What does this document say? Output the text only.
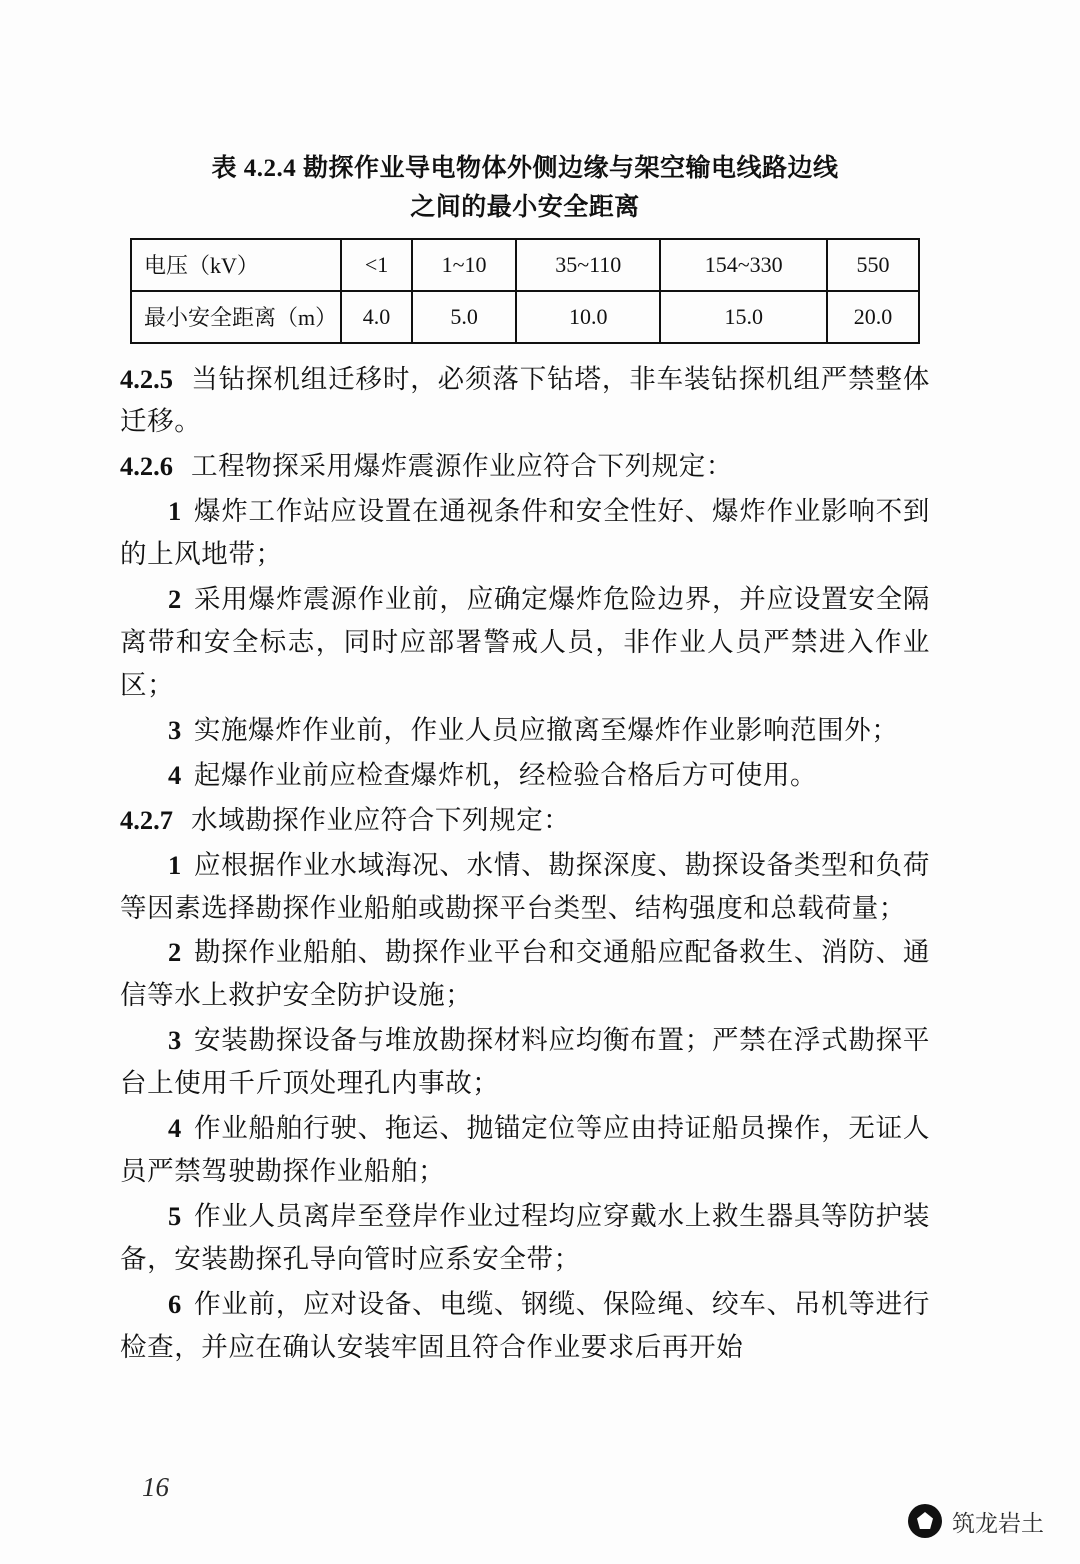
表 4.2.4 勘探作业导电物体外侧边缘与架空输电线路边线
之间的最小安全距离
电压（kV）	<1	1~10	35~110	154~330	550
最小安全距离（m）	4.0	5.0	10.0	15.0	20.0

4.2.5 当钻探机组迁移时，必须落下钻塔，非车装钻探机组严禁整体迁移。

4.2.6 工程物探采用爆炸震源作业应符合下列规定：

1 爆炸工作站应设置在通视条件和安全性好、爆炸作业影响不到的上风地带；

2 采用爆炸震源作业前，应确定爆炸危险边界，并应设置安全隔离带和安全标志，同时应部署警戒人员，非作业人员严禁进入作业区；

3 实施爆炸作业前，作业人员应撤离至爆炸作业影响范围外；

4 起爆作业前应检查爆炸机，经检验合格后方可使用。

4.2.7 水域勘探作业应符合下列规定：

1 应根据作业水域海况、水情、勘探深度、勘探设备类型和负荷等因素选择勘探作业船舶或勘探平台类型、结构强度和总载荷量；

2 勘探作业船舶、勘探作业平台和交通船应配备救生、消防、通信等水上救护安全防护设施；

3 安装勘探设备与堆放勘探材料应均衡布置；严禁在浮式勘探平台上使用千斤顶处理孔内事故；

4 作业船舶行驶、拖运、抛锚定位等应由持证船员操作，无证人员严禁驾驶勘探作业船舶；

5 作业人员离岸至登岸作业过程均应穿戴水上救生器具等防护装备，安装勘探孔导向管时应系安全带；

6 作业前，应对设备、电缆、钢缆、保险绳、绞车、吊机等进行检查，并应在确认安装牢固且符合作业要求后再开始

16
筑龙岩土
